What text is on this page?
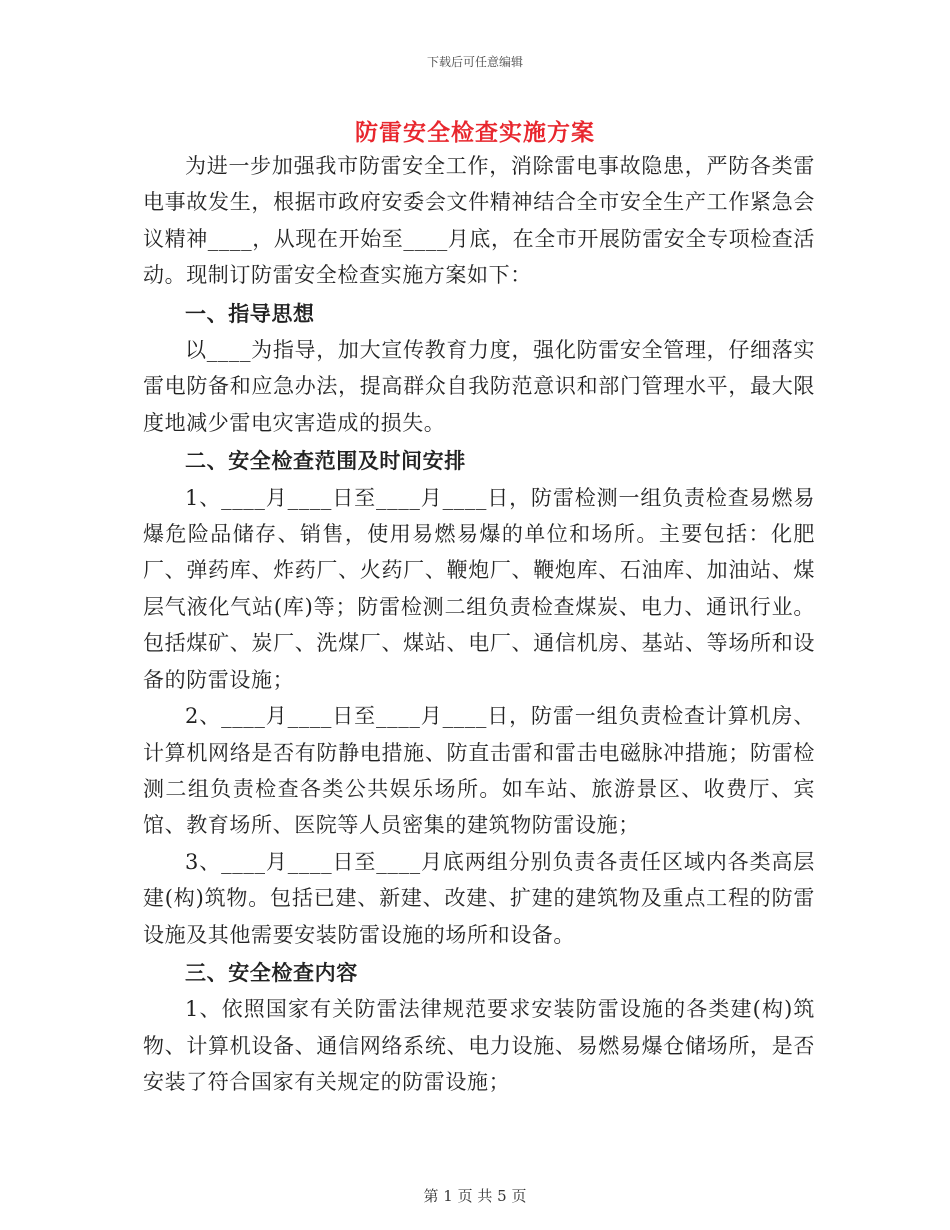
下载后可任意编辑
防雷安全检查实施方案

为进一步加强我市防雷安全工作，消除雷电事故隐患，严防各类雷电事故发生，根据市政府安委会文件精神结合全市安全生产工作紧急会议精神____，从现在开始至____月底，在全市开展防雷安全专项检查活动。现制订防雷安全检查实施方案如下：

一、指导思想

以____为指导，加大宣传教育力度，强化防雷安全管理，仔细落实雷电防备和应急办法，提高群众自我防范意识和部门管理水平，最大限度地减少雷电灾害造成的损失。

二、安全检查范围及时间安排

1、____月____日至____月____日，防雷检测一组负责检查易燃易爆危险品储存、销售，使用易燃易爆的单位和场所。主要包括：化肥厂、弹药库、炸药厂、火药厂、鞭炮厂、鞭炮库、石油库、加油站、煤层气液化气站(库)等；防雷检测二组负责检查煤炭、电力、通讯行业。包括煤矿、炭厂、洗煤厂、煤站、电厂、通信机房、基站、等场所和设备的防雷设施；

2、____月____日至____月____日，防雷一组负责检查计算机房、计算机网络是否有防静电措施、防直击雷和雷击电磁脉冲措施；防雷检测二组负责检查各类公共娱乐场所。如车站、旅游景区、收费厅、宾馆、教育场所、医院等人员密集的建筑物防雷设施；

3、____月____日至____月底两组分别负责各责任区域内各类高层建(构)筑物。包括已建、新建、改建、扩建的建筑物及重点工程的防雷设施及其他需要安装防雷设施的场所和设备。

三、安全检查内容

1、依照国家有关防雷法律规范要求安装防雷设施的各类建(构)筑物、计算机设备、通信网络系统、电力设施、易燃易爆仓储场所，是否安装了符合国家有关规定的防雷设施；

第 1 页 共 5 页
